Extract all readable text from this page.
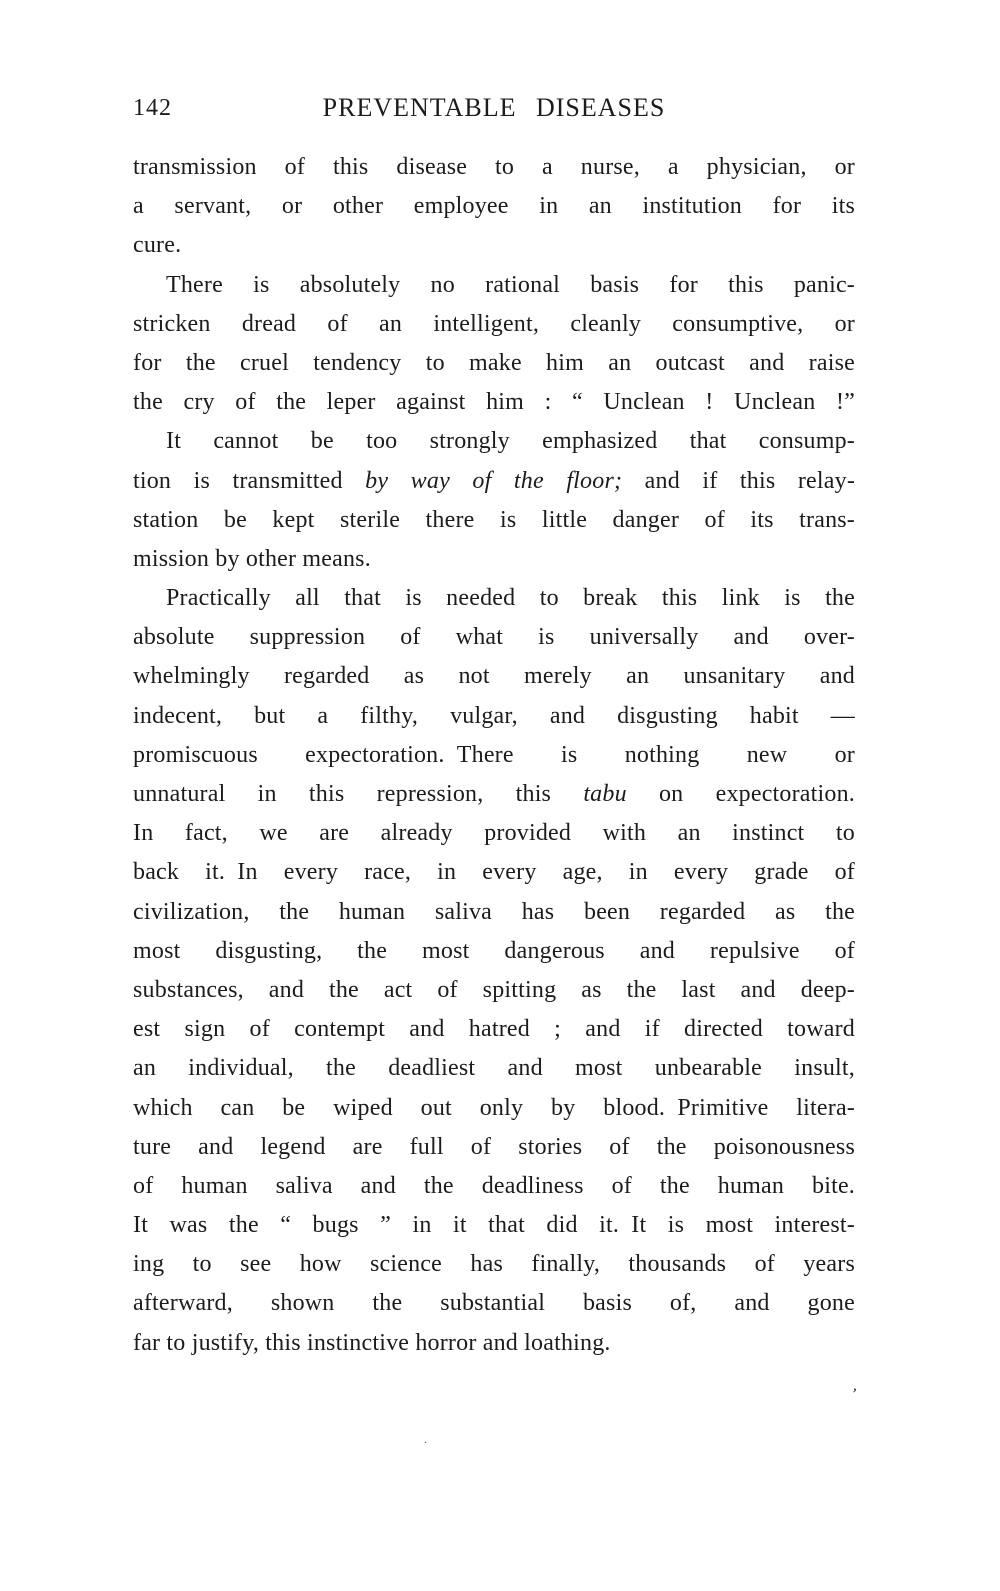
142	PREVENTABLE DISEASES
transmission of this disease to a nurse, a physician, or
a servant, or other employee in an institution for its
cure.
There is absolutely no rational basis for this panic-
stricken dread of an intelligent, cleanly consumptive, or
for the cruel tendency to make him an outcast and raise
the cry of the leper against him : “ Unclean ! Unclean !”
It cannot be too strongly emphasized that consump-
tion is transmitted by way of the floor; and if this relay-
station be kept sterile there is little danger of its trans-
mission by other means.
Practically all that is needed to break this link is the
absolute suppression of what is universally and over-
whelmingly regarded as not merely an unsanitary and
indecent, but a filthy, vulgar, and disgusting habit —
promiscuous expectoration. There is nothing new or
unnatural in this repression, this tabu on expectoration.
In fact, we are already provided with an instinct to
back it. In every race, in every age, in every grade of
civilization, the human saliva has been regarded as the
most disgusting, the most dangerous and repulsive of
substances, and the act of spitting as the last and deep-
est sign of contempt and hatred ; and if directed toward
an individual, the deadliest and most unbearable insult,
which can be wiped out only by blood. Primitive litera-
ture and legend are full of stories of the poisonousness
of human saliva and the deadliness of the human bite.
It was the “ bugs ” in it that did it. It is most interest-
ing to see how science has finally, thousands of years
afterward, shown the substantial basis of, and gone
far to justify, this instinctive horror and loathing.
’
.
